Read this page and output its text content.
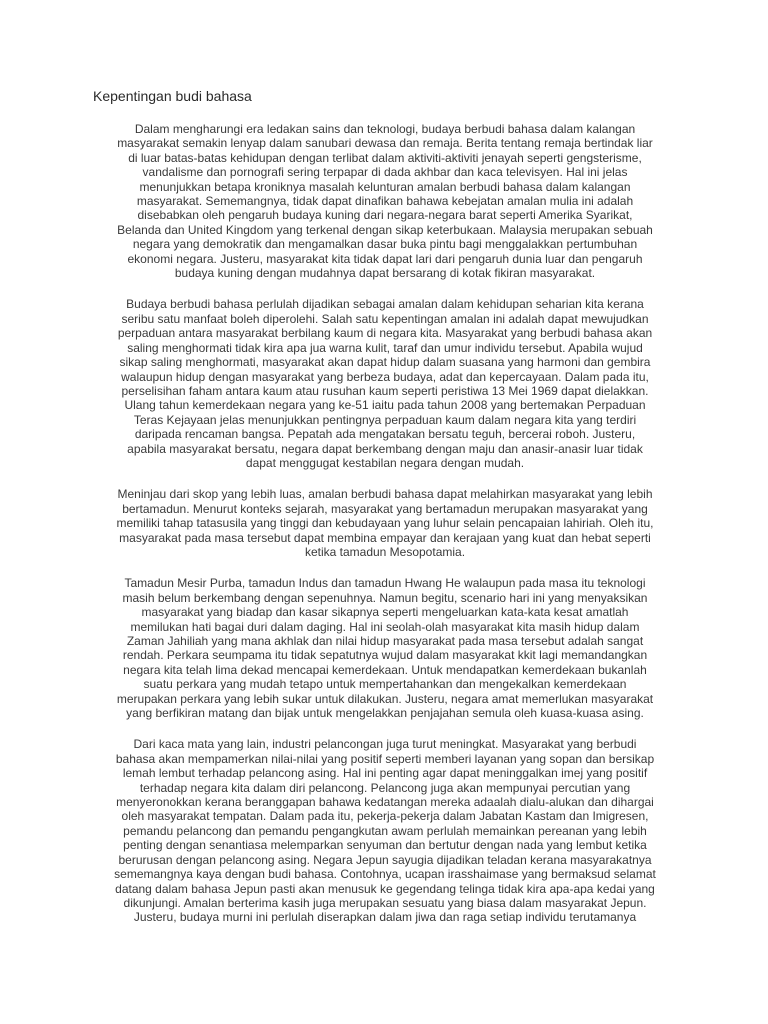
Kepentingan budi bahasa
Dalam mengharungi era ledakan sains dan teknologi, budaya berbudi bahasa dalam kalangan
masyarakat semakin lenyap dalam sanubari dewasa dan remaja. Berita tentang remaja bertindak liar
di luar batas-batas kehidupan dengan terlibat dalam aktiviti-aktiviti jenayah seperti gengsterisme,
vandalisme dan pornografi sering terpapar di dada akhbar dan kaca televisyen. Hal ini jelas
menunjukkan betapa kroniknya masalah kelunturan amalan berbudi bahasa dalam kalangan
masyarakat. Sememangnya, tidak dapat dinafikan bahawa kebejatan amalan mulia ini adalah
disebabkan oleh pengaruh budaya kuning dari negara-negara barat seperti Amerika Syarikat,
Belanda dan United Kingdom yang terkenal dengan sikap keterbukaan. Malaysia merupakan sebuah
negara yang demokratik dan mengamalkan dasar buka pintu bagi menggalakkan pertumbuhan
ekonomi negara. Justeru, masyarakat kita tidak dapat lari dari pengaruh dunia luar dan pengaruh
budaya kuning dengan mudahnya dapat bersarang di kotak fikiran masyarakat.
Budaya berbudi bahasa perlulah dijadikan sebagai amalan dalam kehidupan seharian kita kerana
seribu satu manfaat boleh diperolehi. Salah satu kepentingan amalan ini adalah dapat mewujudkan
perpaduan antara masyarakat berbilang kaum di negara kita. Masyarakat yang berbudi bahasa akan
saling menghormati tidak kira apa jua warna kulit, taraf dan umur individu tersebut. Apabila wujud
sikap saling menghormati, masyarakat akan dapat hidup dalam suasana yang harmoni dan gembira
walaupun hidup dengan masyarakat yang berbeza budaya, adat dan kepercayaan. Dalam pada itu,
perselisihan faham antara kaum atau rusuhan kaum seperti peristiwa 13 Mei 1969 dapat dielakkan.
Ulang tahun kemerdekaan negara yang ke-51 iaitu pada tahun 2008 yang bertemakan Perpaduan
Teras Kejayaan jelas menunjukkan pentingnya perpaduan kaum dalam negara kita yang terdiri
daripada rencaman bangsa. Pepatah ada mengatakan bersatu teguh, bercerai roboh. Justeru,
apabila masyarakat bersatu, negara dapat berkembang dengan maju dan anasir-anasir luar tidak
dapat menggugat kestabilan negara dengan mudah.
Meninjau dari skop yang lebih luas, amalan berbudi bahasa dapat melahirkan masyarakat yang lebih
bertamadun. Menurut konteks sejarah, masyarakat yang bertamadun merupakan masyarakat yang
memiliki tahap tatasusila yang tinggi dan kebudayaan yang luhur selain pencapaian lahiriah. Oleh itu,
masyarakat pada masa tersebut dapat membina empayar dan kerajaan yang kuat dan hebat seperti
ketika tamadun Mesopotamia.
Tamadun Mesir Purba, tamadun Indus dan tamadun Hwang He walaupun pada masa itu teknologi
masih belum berkembang dengan sepenuhnya. Namun begitu, scenario hari ini yang menyaksikan
masyarakat yang biadap dan kasar sikapnya seperti mengeluarkan kata-kata kesat amatlah
memilukan hati bagai duri dalam daging. Hal ini seolah-olah masyarakat kita masih hidup dalam
Zaman Jahiliah yang mana akhlak dan nilai hidup masyarakat pada masa tersebut adalah sangat
rendah. Perkara seumpama itu tidak sepatutnya wujud dalam masyarakat kkit lagi memandangkan
negara kita telah lima dekad mencapai kemerdekaan. Untuk mendapatkan kemerdekaan bukanlah
suatu perkara yang mudah tetapo untuk mempertahankan dan mengekalkan kemerdekaan
merupakan perkara yang lebih sukar untuk dilakukan. Justeru, negara amat memerlukan masyarakat
yang berfikiran matang dan bijak untuk mengelakkan penjajahan semula oleh kuasa-kuasa asing.
Dari kaca mata yang lain, industri pelancongan juga turut meningkat. Masyarakat yang berbudi
bahasa akan mempamerkan nilai-nilai yang positif seperti memberi layanan yang sopan dan bersikap
lemah lembut terhadap pelancong asing. Hal ini penting agar dapat meninggalkan imej yang positif
terhadap negara kita dalam diri pelancong. Pelancong juga akan mempunyai percutian yang
menyeronokkan kerana beranggapan bahawa kedatangan mereka adaalah dialu-alukan dan dihargai
oleh masyarakat tempatan. Dalam pada itu, pekerja-pekerja dalam Jabatan Kastam dan Imigresen,
pemandu pelancong dan pemandu pengangkutan awam perlulah memainkan pereanan yang lebih
penting dengan senantiasa melemparkan senyuman dan bertutur dengan nada yang lembut ketika
berurusan dengan pelancong asing. Negara Jepun sayugia dijadikan teladan kerana masyarakatnya
sememangnya kaya dengan budi bahasa. Contohnya, ucapan irasshaimase yang bermaksud selamat
datang dalam bahasa Jepun pasti akan menusuk ke gegendang telinga tidak kira apa-apa kedai yang
dikunjungi. Amalan berterima kasih juga merupakan sesuatu yang biasa dalam masyarakat Jepun.
Justeru, budaya murni ini perlulah diserapkan dalam jiwa dan raga setiap individu terutamanya
